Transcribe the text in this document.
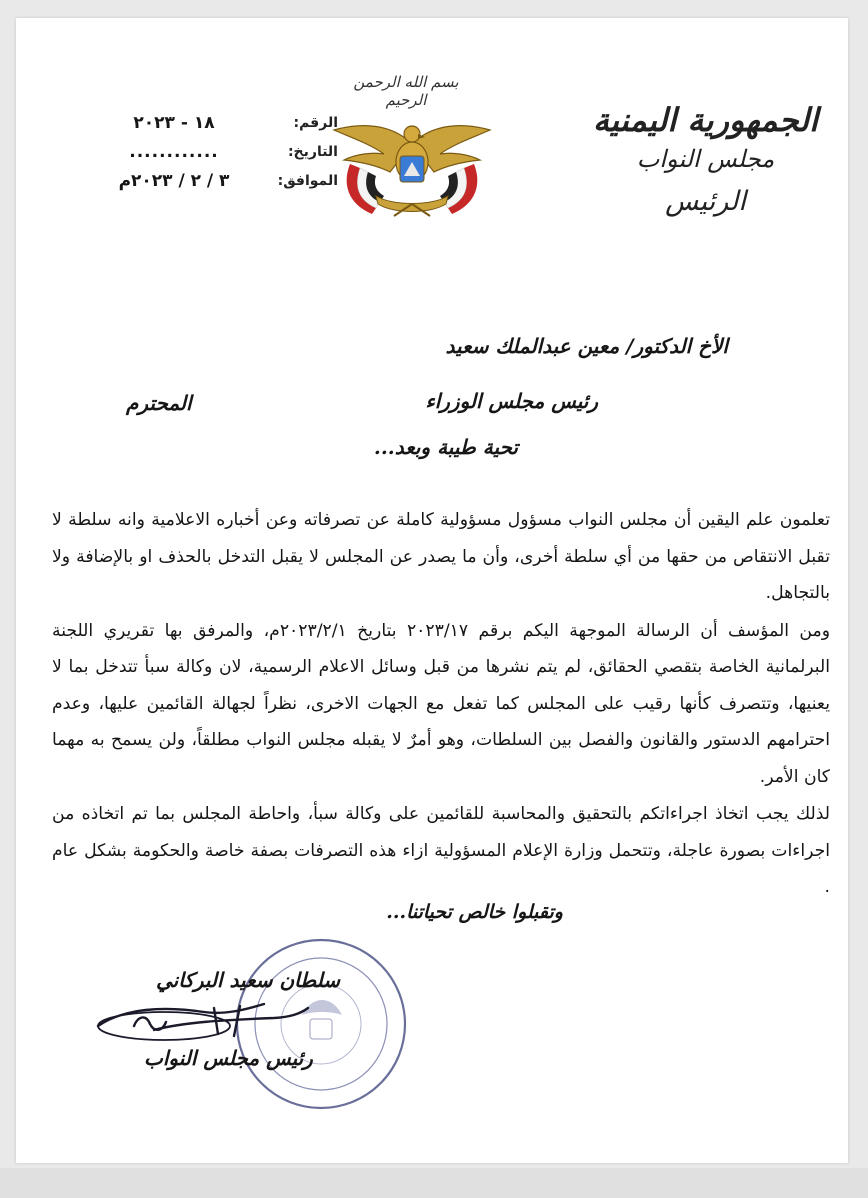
بسم الله الرحمن الرحيم
الجمهورية اليمنية
مجلس النواب
الرئيس
الرقم:
١٨ - ٢٠٢٣
التاريخ:
............
الموافق:
٣ / ٢ / ٢٠٢٣م
الأخ الدكتور/ معين عبدالملك سعيد
رئيس مجلس الوزراء
المحترم
تحية طيبة وبعد...

تعلمون علم اليقين أن مجلس النواب مسؤول مسؤولية كاملة عن تصرفاته وعن أخباره الاعلامية وانه سلطة لا تقبل الانتقاص من حقها من أي سلطة أخرى، وأن ما يصدر عن المجلس لا يقبل التدخل بالحذف او بالإضافة ولا بالتجاهل.

ومن المؤسف أن الرسالة الموجهة اليكم برقم ٢٠٢٣/١٧ بتاريخ ٢٠٢٣/٢/١م، والمرفق بها تقريري اللجنة البرلمانية الخاصة بتقصي الحقائق، لم يتم نشرها من قبل وسائل الاعلام الرسمية، لان وكالة سبأ تتدخل بما لا يعنيها، وتتصرف كأنها رقيب على المجلس كما تفعل مع الجهات الاخرى، نظراً لجهالة القائمين عليها، وعدم احترامهم الدستور والقانون والفصل بين السلطات، وهو أمرٌ لا يقبله مجلس النواب مطلقاً، ولن يسمح به مهما كان الأمر.

لذلك يجب اتخاذ اجراءاتكم بالتحقيق والمحاسبة للقائمين على وكالة سبأ، واحاطة المجلس بما تم اتخاذه من اجراءات بصورة عاجلة، وتتحمل وزارة الإعلام المسؤولية ازاء هذه التصرفات بصفة خاصة والحكومة بشكل عام .

وتقبلوا خالص تحياتنا...
سلطان سعيد البركاني
رئيس مجلس النواب
